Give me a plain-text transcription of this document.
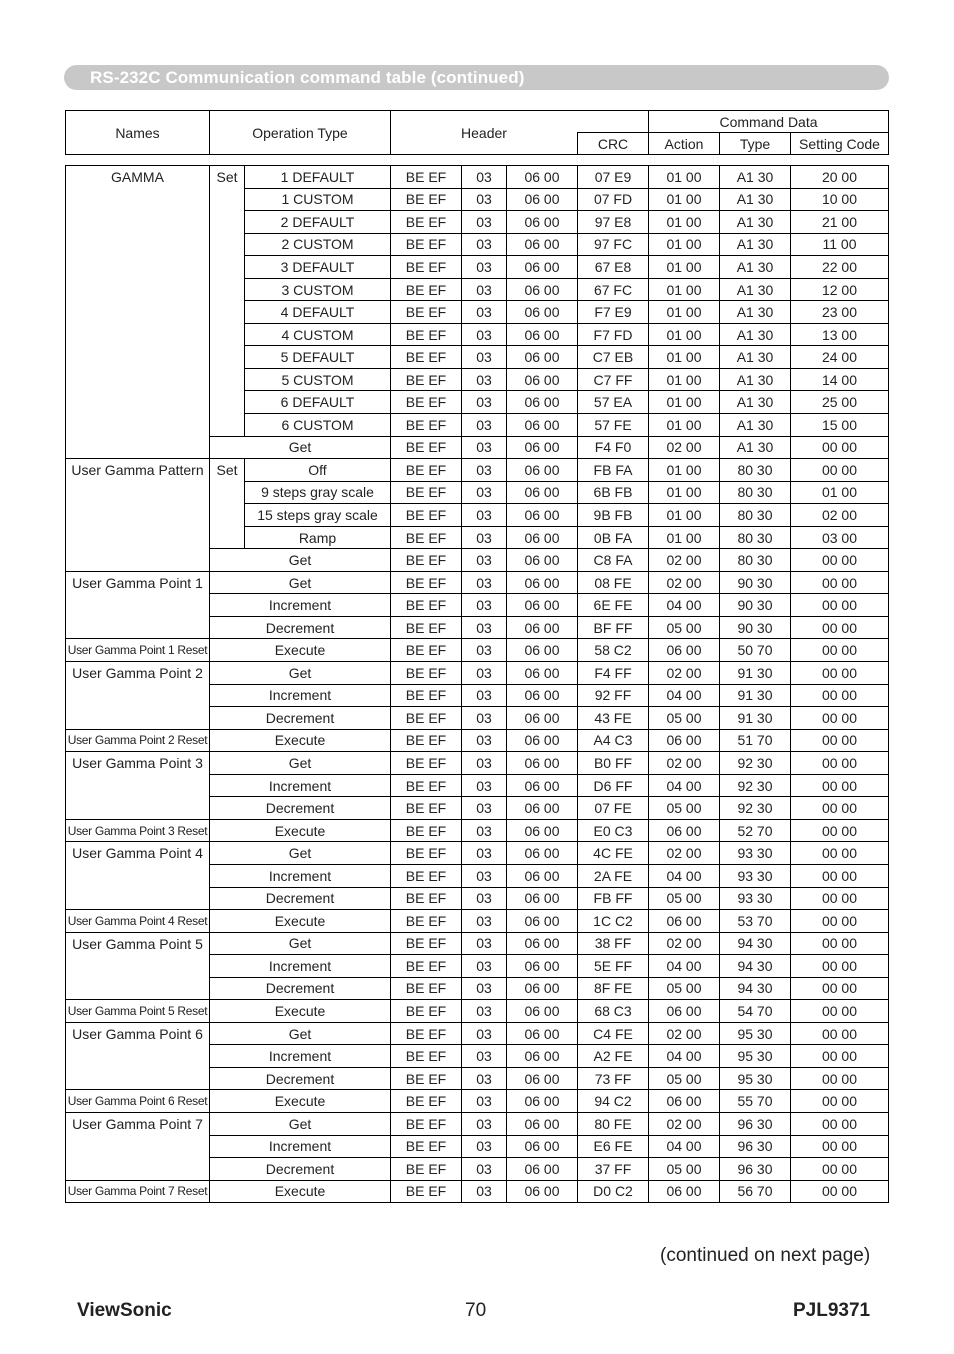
RS-232C Communication command table (continued)
Names	Operation Type	Header		Command Data		
			CRC	Action	Type	Setting Code
GAMMA	Set	1 DEFAULT	BE EF	03	06 00	07 E9	01 00	A1 30	20 00
		1 CUSTOM	BE EF	03	06 00	07 FD	01 00	A1 30	10 00
		2 DEFAULT	BE EF	03	06 00	97 E8	01 00	A1 30	21 00
		2 CUSTOM	BE EF	03	06 00	97 FC	01 00	A1 30	11 00
		3 DEFAULT	BE EF	03	06 00	67 E8	01 00	A1 30	22 00
		3 CUSTOM	BE EF	03	06 00	67 FC	01 00	A1 30	12 00
		4 DEFAULT	BE EF	03	06 00	F7 E9	01 00	A1 30	23 00
		4 CUSTOM	BE EF	03	06 00	F7 FD	01 00	A1 30	13 00
		5 DEFAULT	BE EF	03	06 00	C7 EB	01 00	A1 30	24 00
		5 CUSTOM	BE EF	03	06 00	C7 FF	01 00	A1 30	14 00
		6 DEFAULT	BE EF	03	06 00	57 EA	01 00	A1 30	25 00
		6 CUSTOM	BE EF	03	06 00	57 FE	01 00	A1 30	15 00
	Get		BE EF	03	06 00	F4 F0	02 00	A1 30	00 00
User Gamma Pattern	Set	Off	BE EF	03	06 00	FB FA	01 00	80 30	00 00
		9 steps gray scale	BE EF	03	06 00	6B FB	01 00	80 30	01 00
		15 steps gray scale	BE EF	03	06 00	9B FB	01 00	80 30	02 00
		Ramp	BE EF	03	06 00	0B FA	01 00	80 30	03 00
	Get		BE EF	03	06 00	C8 FA	02 00	80 30	00 00
User Gamma Point 1	Get		BE EF	03	06 00	08 FE	02 00	90 30	00 00
	Increment		BE EF	03	06 00	6E FE	04 00	90 30	00 00
	Decrement		BE EF	03	06 00	BF FF	05 00	90 30	00 00
User Gamma Point 1 Reset	Execute		BE EF	03	06 00	58 C2	06 00	50 70	00 00
User Gamma Point 2	Get		BE EF	03	06 00	F4 FF	02 00	91 30	00 00
	Increment		BE EF	03	06 00	92 FF	04 00	91 30	00 00
	Decrement		BE EF	03	06 00	43 FE	05 00	91 30	00 00
User Gamma Point 2 Reset	Execute		BE EF	03	06 00	A4 C3	06 00	51 70	00 00
User Gamma Point 3	Get		BE EF	03	06 00	B0 FF	02 00	92 30	00 00
	Increment		BE EF	03	06 00	D6 FF	04 00	92 30	00 00
	Decrement		BE EF	03	06 00	07 FE	05 00	92 30	00 00
User Gamma Point 3 Reset	Execute		BE EF	03	06 00	E0 C3	06 00	52 70	00 00
User Gamma Point 4	Get		BE EF	03	06 00	4C FE	02 00	93 30	00 00
	Increment		BE EF	03	06 00	2A FE	04 00	93 30	00 00
	Decrement		BE EF	03	06 00	FB FF	05 00	93 30	00 00
User Gamma Point 4 Reset	Execute		BE EF	03	06 00	1C C2	06 00	53 70	00 00
User Gamma Point 5	Get		BE EF	03	06 00	38 FF	02 00	94 30	00 00
	Increment		BE EF	03	06 00	5E FF	04 00	94 30	00 00
	Decrement		BE EF	03	06 00	8F FE	05 00	94 30	00 00
User Gamma Point 5 Reset	Execute		BE EF	03	06 00	68 C3	06 00	54 70	00 00
User Gamma Point 6	Get		BE EF	03	06 00	C4 FE	02 00	95 30	00 00
	Increment		BE EF	03	06 00	A2 FE	04 00	95 30	00 00
	Decrement		BE EF	03	06 00	73 FF	05 00	95 30	00 00
User Gamma Point 6 Reset	Execute		BE EF	03	06 00	94 C2	06 00	55 70	00 00
User Gamma Point 7	Get		BE EF	03	06 00	80 FE	02 00	96 30	00 00
	Increment		BE EF	03	06 00	E6 FE	04 00	96 30	00 00
	Decrement		BE EF	03	06 00	37 FF	05 00	96 30	00 00
User Gamma Point 7 Reset	Execute		BE EF	03	06 00	D0 C2	06 00	56 70	00 00
(continued on next page)
ViewSonic	70	PJL9371
